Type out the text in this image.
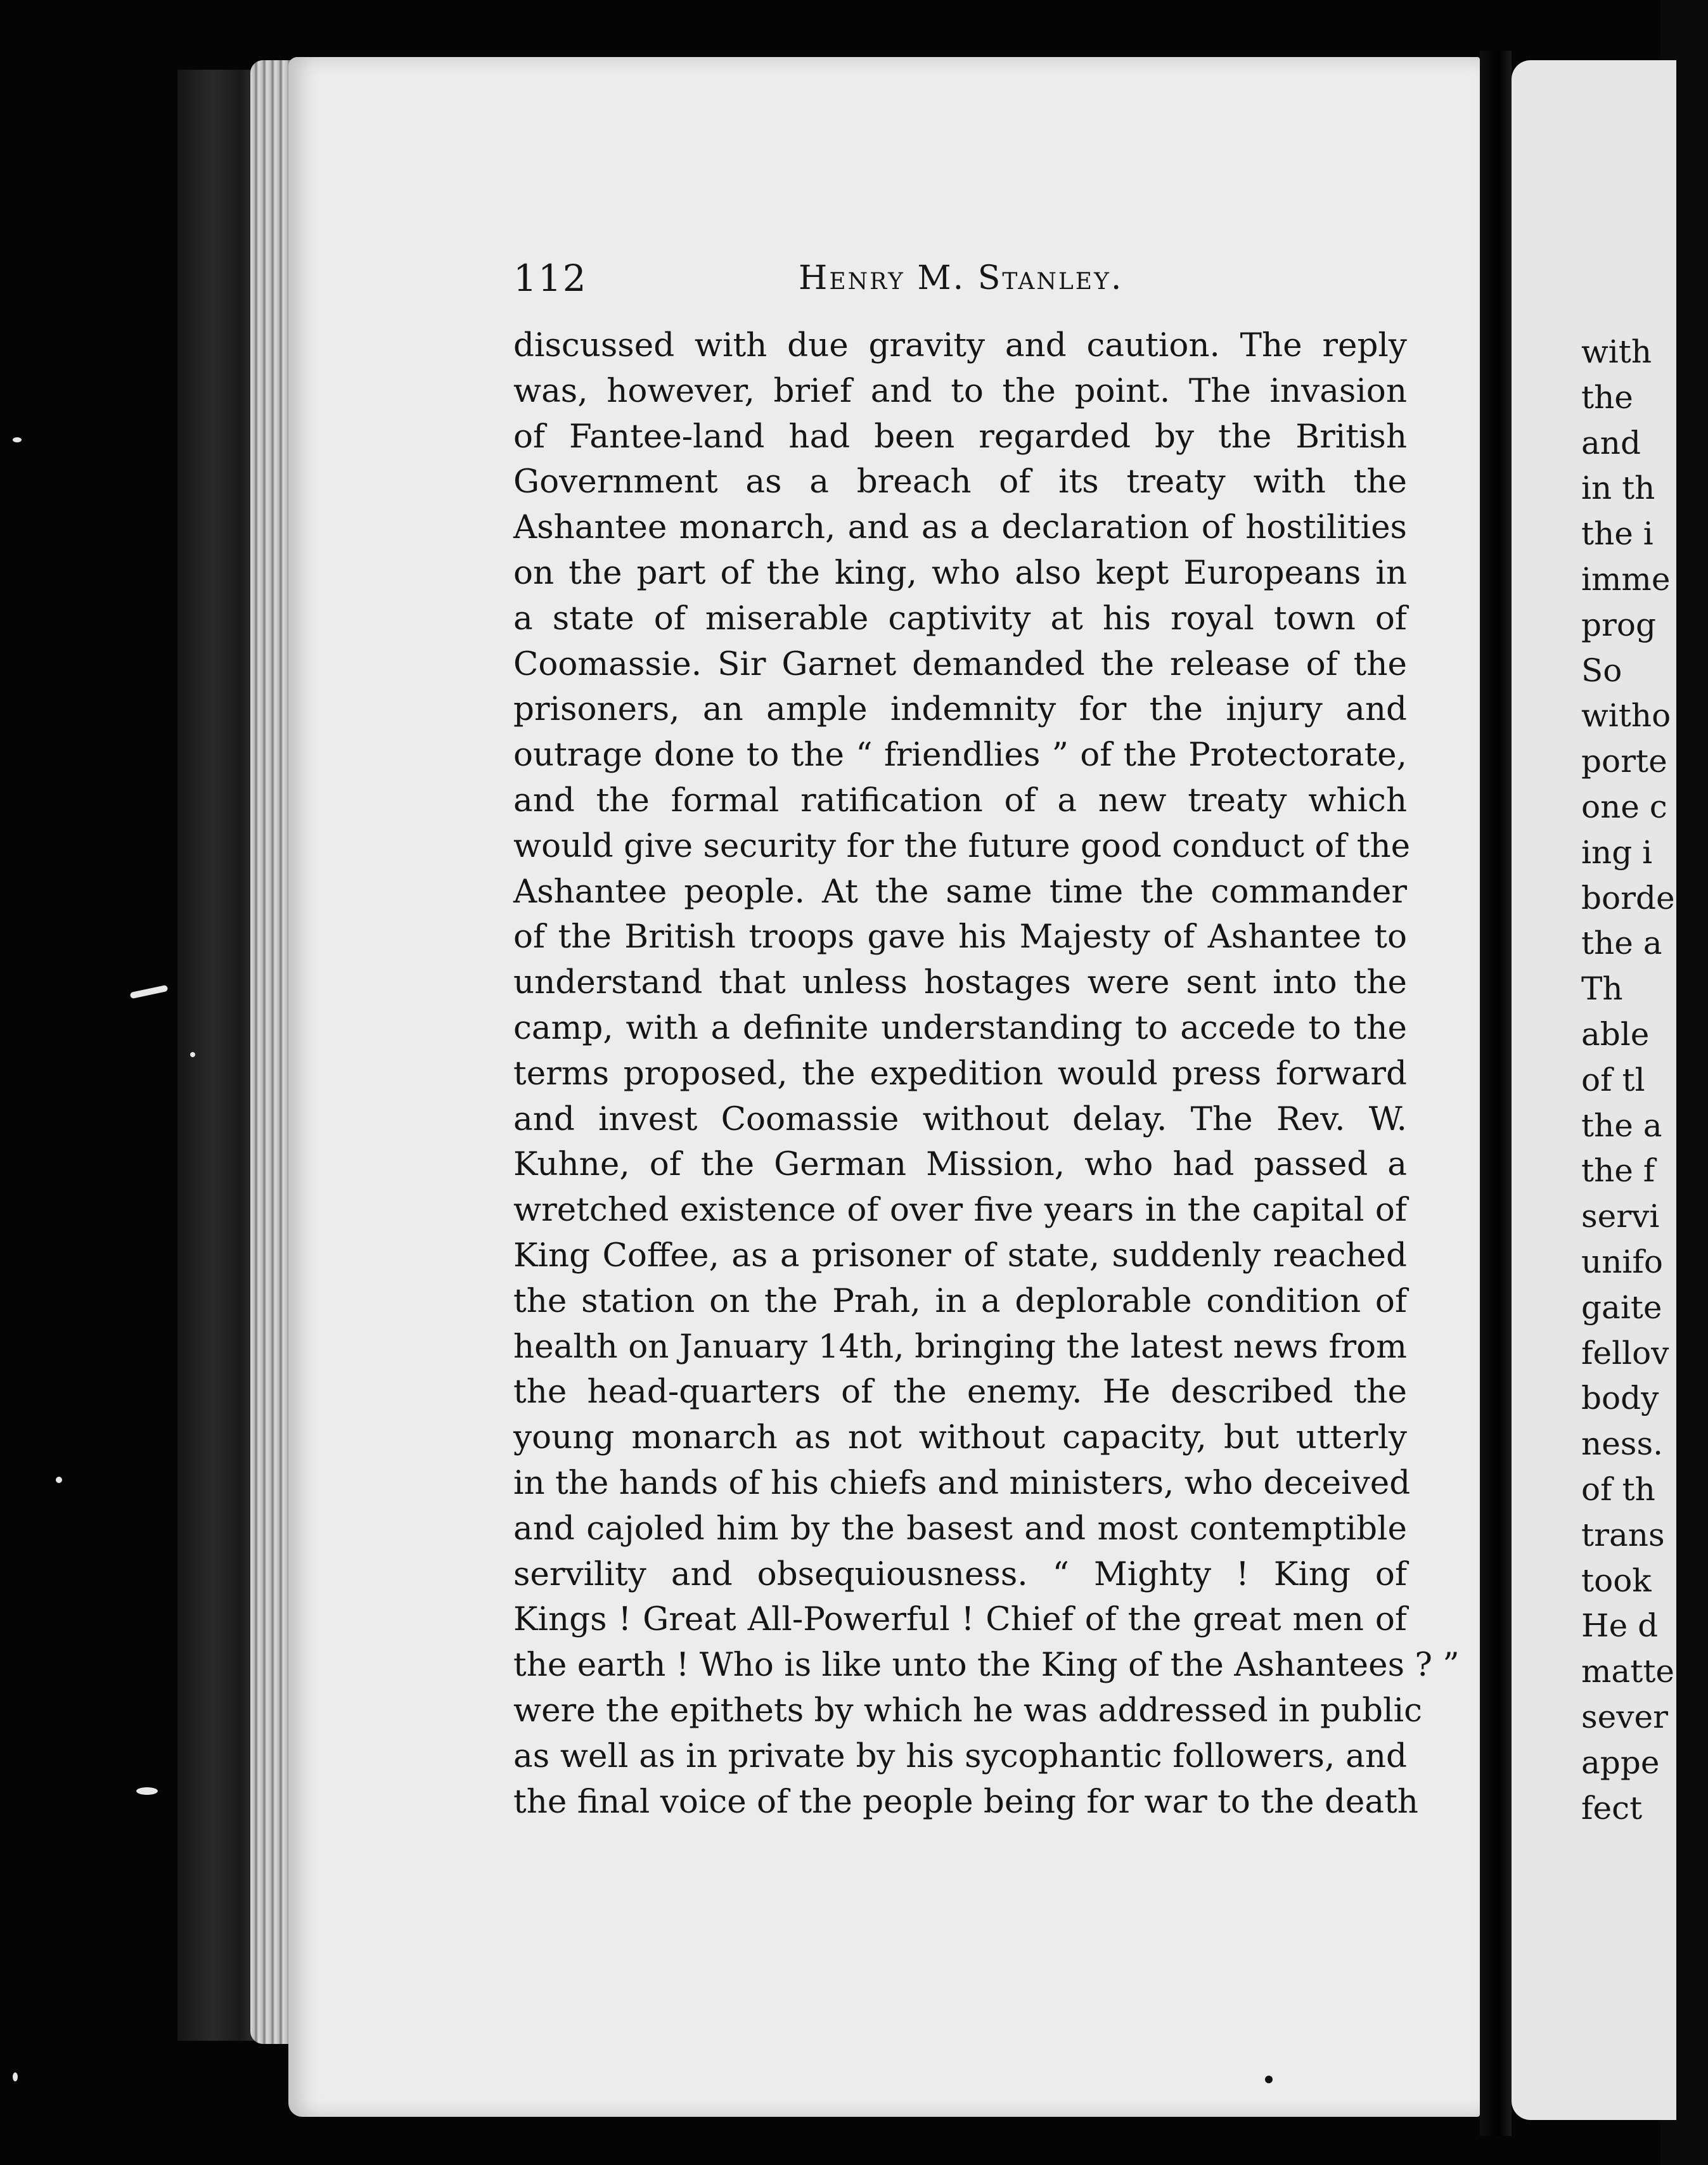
112	Henry M. Stanley.
discussed with due gravity and caution. The reply
was, however, brief and to the point. The invasion
of Fantee-land had been regarded by the British
Government as a breach of its treaty with the
Ashantee monarch, and as a declaration of hostilities
on the part of the king, who also kept Europeans in
a state of miserable captivity at his royal town of
Coomassie. Sir Garnet demanded the release of the
prisoners, an ample indemnity for the injury and
outrage done to the “ friendlies ” of the Protectorate,
and the formal ratification of a new treaty which
would give security for the future good conduct of the
Ashantee people. At the same time the commander
of the British troops gave his Majesty of Ashantee to
understand that unless hostages were sent into the
camp, with a definite understanding to accede to the
terms proposed, the expedition would press forward
and invest Coomassie without delay. The Rev. W.
Kuhne, of the German Mission, who had passed a
wretched existence of over five years in the capital of
King Coffee, as a prisoner of state, suddenly reached
the station on the Prah, in a deplorable condition of
health on January 14th, bringing the latest news from
the head-quarters of the enemy. He described the
young monarch as not without capacity, but utterly
in the hands of his chiefs and ministers, who deceived
and cajoled him by the basest and most contemptible
servility and obsequiousness. “ Mighty ! King of
Kings ! Great All-Powerful ! Chief of the great men of
the earth ! Who is like unto the King of the Ashantees ? ”
were the epithets by which he was addressed in public
as well as in private by his sycophantic followers, and
the final voice of the people being for war to the death
with
the
and
in th
the i
imme
prog
So
witho
porte
one c
ing i
borde
the a
Th
able
of tl
the a
the f
servi
unifo
gaite
fellov
body
ness.
of th
trans
took
He d
matte
sever
appe
fect
